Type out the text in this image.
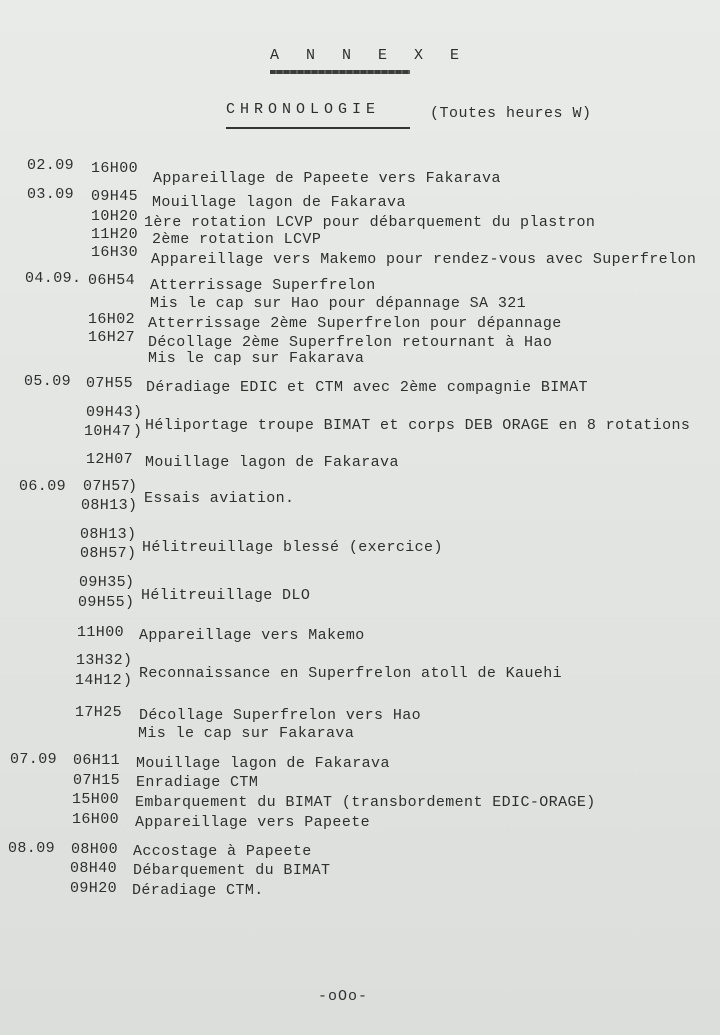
A N N E X E
CHRONOLOGIE	(Toutes heures W)
02.09 16H00
Appareillage de Papeete vers Fakarava
03.09 09H45 Mouillage lagon de Fakarava
10H20 1ère rotation LCVP pour débarquement du plastron
11H20 2ème rotation LCVP
16H30 Appareillage vers Makemo pour rendez-vous avec Superfrelon
04.09. 06H54 Atterrissage Superfrelon
Mis le cap sur Hao pour dépannage SA 321
16H02 Atterrissage 2ème Superfrelon pour dépannage
16H27 Décollage 2ème Superfrelon retournant à Hao
Mis le cap sur Fakarava
05.09 07H55 Déradiage EDIC et CTM avec 2ème compagnie BIMAT
09H43
10H47
)
) Héliportage troupe BIMAT et corps DEB ORAGE en 8 rotations
12H07 Mouillage lagon de Fakarava
06.09 07H57
08H13
)
) Essais aviation.
08H13
08H57
)
) Hélitreuillage blessé (exercice)
09H35
09H55
)
) Hélitreuillage DLO
11H00 Appareillage vers Makemo
13H32
14H12
)
) Reconnaissance en Superfrelon atoll de Kauehi
17H25 Décollage Superfrelon vers Hao
Mis le cap sur Fakarava
07.09 06H11 Mouillage lagon de Fakarava
07H15 Enradiage CTM
15H00 Embarquement du BIMAT (transbordement EDIC-ORAGE)
16H00 Appareillage vers Papeete
08.09 08H00 Accostage à Papeete
08H40 Débarquement du BIMAT
09H20 Déradiage CTM.
-oOo-
